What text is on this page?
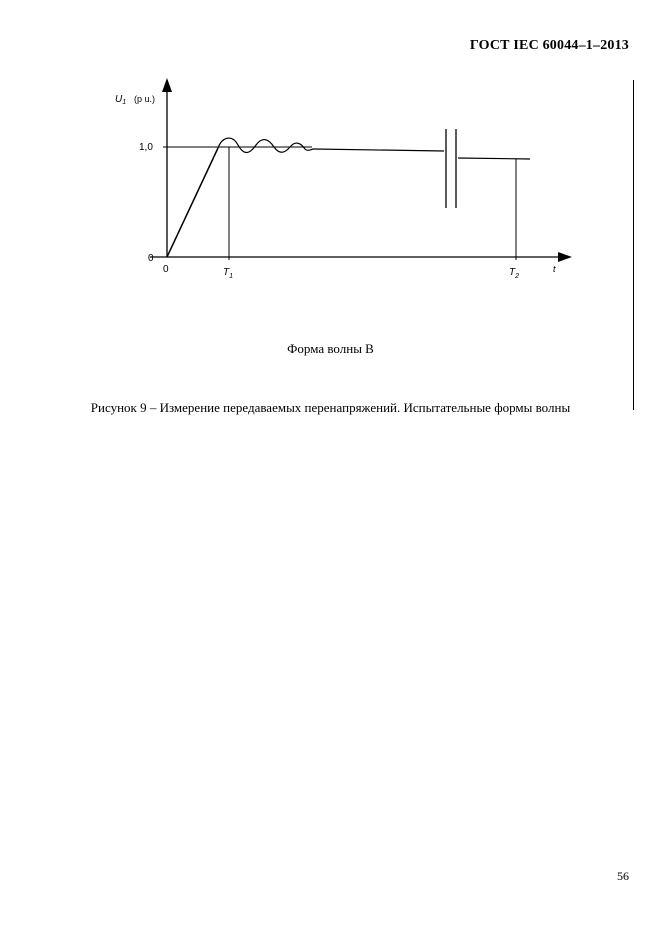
ГОСТ IEC 60044–1–2013
$U_1$ (p u.)
1,0
0
0	$T_1$	$T_2$
t
Форма волны В
Рисунок 9 – Измерение передаваемых перенапряжений. Испытательные формы волны
56
